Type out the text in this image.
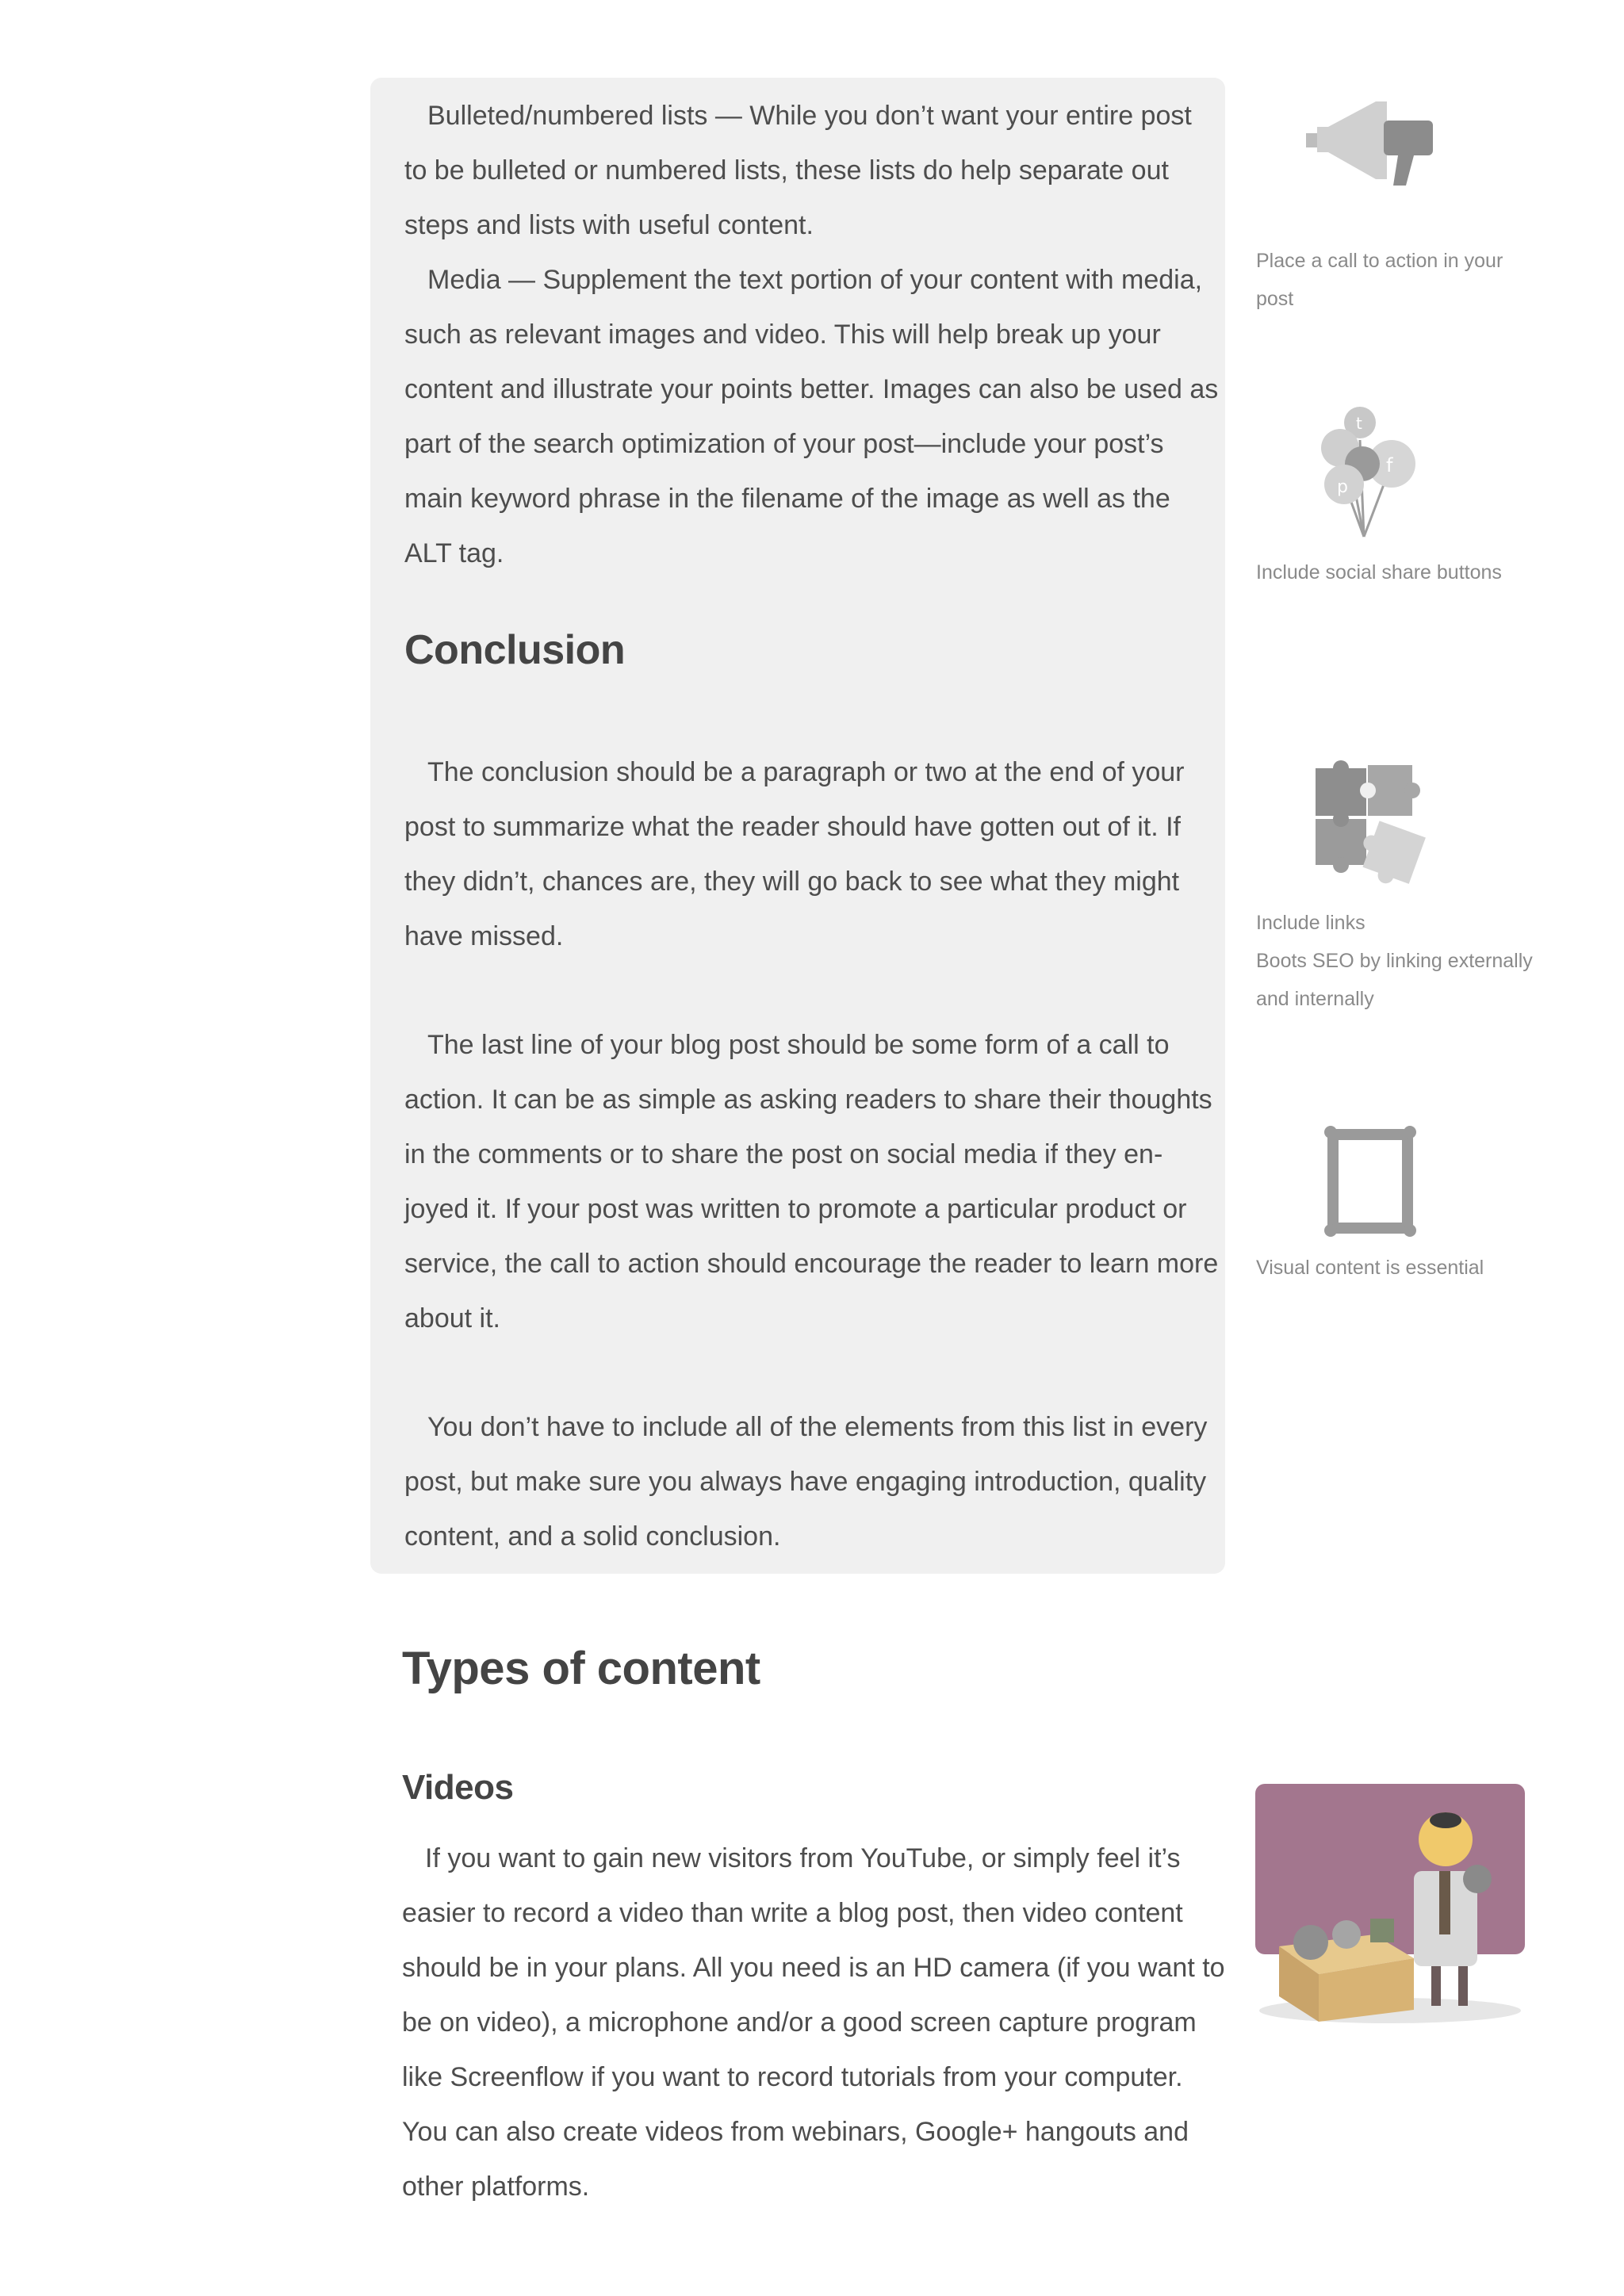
Bulleted/numbered lists — While you don’t want your entire post to be bulleted or numbered lists, these lists do help separate out steps and lists with useful content.

Media — Supplement the text portion of your content with media, such as relevant images and video. This will help break up your content and illustrate your points better. Images can also be used as part of the search optimization of your post—include your post’s main keyword phrase in the filename of the image as well as the ALT tag.

Conclusion

The conclusion should be a paragraph or two at the end of your post to summarize what the reader should have gotten out of it. If they didn’t, chances are, they will go back to see what they might have missed.

The last line of your blog post should be some form of a call to action. It can be as simple as asking readers to share their thoughts in the comments or to share the post on social media if they en-joyed it. If your post was written to promote a particular product or service, the call to action should encourage the reader to learn more about it.

You don’t have to include all of the elements from this list in every post, but make sure you always have engaging introduction, quality content, and a solid conclusion.

Place a call to action in your
post
t
f
p
Include social share buttons
Include links
Boots SEO by linking externally
and internally
Visual content is essential
Types of content
Videos

If you want to gain new visitors from YouTube, or simply feel it’s easier to record a video than write a blog post, then video content should be in your plans. All you need is an HD camera (if you want to be on video), a microphone and/or a good screen capture program like Screenflow if you want to record tutorials from your computer. You can also create videos from webinars, Google+ hangouts and other platforms.
